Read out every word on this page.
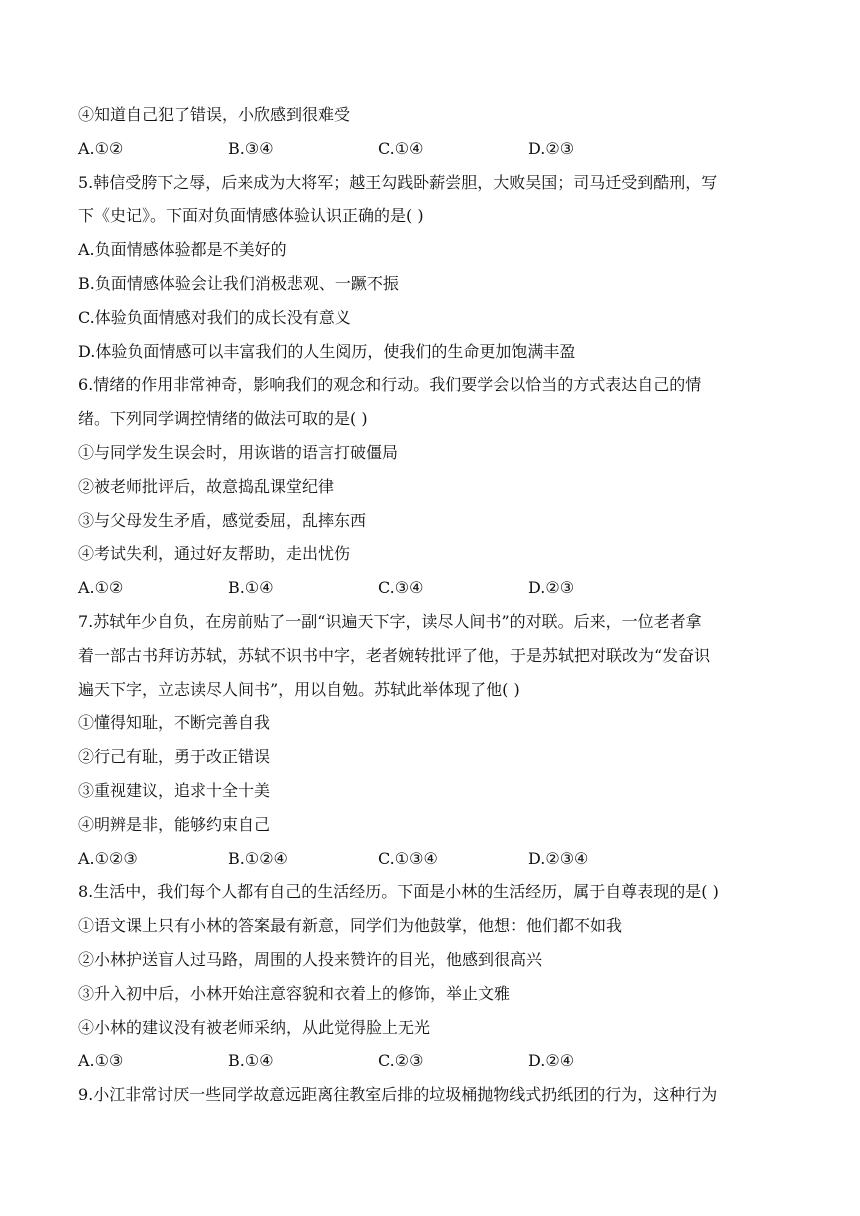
④知道自己犯了错误，小欣感到很难受
A.①②	B.③④	C.①④	D.②③
5.韩信受胯下之辱，后来成为大将军；越王勾践卧薪尝胆，大败吴国；司马迁受到酷刑，写
下《史记》。下面对负面情感体验认识正确的是( )
A.负面情感体验都是不美好的
B.负面情感体验会让我们消极悲观、一蹶不振
C.体验负面情感对我们的成长没有意义
D.体验负面情感可以丰富我们的人生阅历，使我们的生命更加饱满丰盈
6.情绪的作用非常神奇，影响我们的观念和行动。我们要学会以恰当的方式表达自己的情
绪。下列同学调控情绪的做法可取的是( )
①与同学发生误会时，用诙谐的语言打破僵局
②被老师批评后，故意捣乱课堂纪律
③与父母发生矛盾，感觉委屈，乱摔东西
④考试失利，通过好友帮助，走出忧伤
A.①②	B.①④	C.③④	D.②③
7.苏轼年少自负，在房前贴了一副“识遍天下字，读尽人间书”的对联。后来，一位老者拿
着一部古书拜访苏轼，苏轼不识书中字，老者婉转批评了他，于是苏轼把对联改为“发奋识
遍天下字，立志读尽人间书”，用以自勉。苏轼此举体现了他( )
①懂得知耻，不断完善自我
②行己有耻，勇于改正错误
③重视建议，追求十全十美
④明辨是非，能够约束自己
A.①②③	B.①②④	C.①③④	D.②③④
8.生活中，我们每个人都有自己的生活经历。下面是小林的生活经历，属于自尊表现的是( )
①语文课上只有小林的答案最有新意，同学们为他鼓掌，他想：他们都不如我
②小林护送盲人过马路，周围的人投来赞许的目光，他感到很高兴
③升入初中后，小林开始注意容貌和衣着上的修饰，举止文雅
④小林的建议没有被老师采纳，从此觉得脸上无光
A.①③	B.①④	C.②③	D.②④
9.小江非常讨厌一些同学故意远距离往教室后排的垃圾桶抛物线式扔纸团的行为，这种行为
